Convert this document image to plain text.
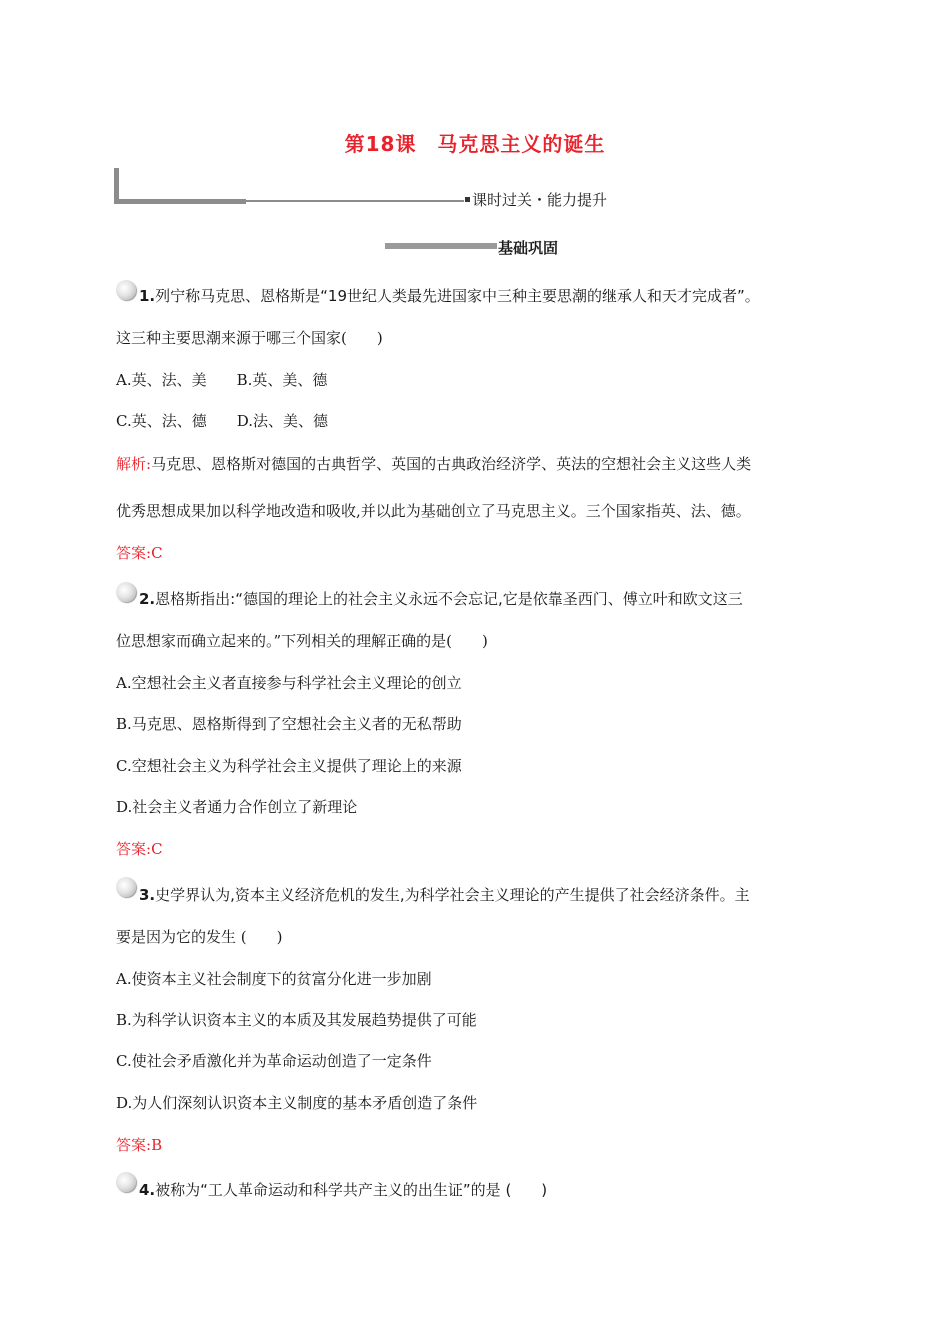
第18课　马克思主义的诞生
课时过关・能力提升
基础巩固
1.列宁称马克思、恩格斯是“19世纪人类最先进国家中三种主要思潮的继承人和天才完成者”。
这三种主要思潮来源于哪三个国家(　　)
A.英、法、美　　B.英、美、德
C.英、法、德　　D.法、美、德
解析:马克思、恩格斯对德国的古典哲学、英国的古典政治经济学、英法的空想社会主义这些人类
优秀思想成果加以科学地改造和吸收,并以此为基础创立了马克思主义。三个国家指英、法、德。
答案:C
2.恩格斯指出:“德国的理论上的社会主义永远不会忘记,它是依靠圣西门、傅立叶和欧文这三
位思想家而确立起来的。”下列相关的理解正确的是(　　)
A.空想社会主义者直接参与科学社会主义理论的创立
B.马克思、恩格斯得到了空想社会主义者的无私帮助
C.空想社会主义为科学社会主义提供了理论上的来源
D.社会主义者通力合作创立了新理论
答案:C
3.史学界认为,资本主义经济危机的发生,为科学社会主义理论的产生提供了社会经济条件。主
要是因为它的发生 (　　)
A.使资本主义社会制度下的贫富分化进一步加剧
B.为科学认识资本主义的本质及其发展趋势提供了可能
C.使社会矛盾激化并为革命运动创造了一定条件
D.为人们深刻认识资本主义制度的基本矛盾创造了条件
答案:B
4.被称为“工人革命运动和科学共产主义的出生证”的是 (　　)
